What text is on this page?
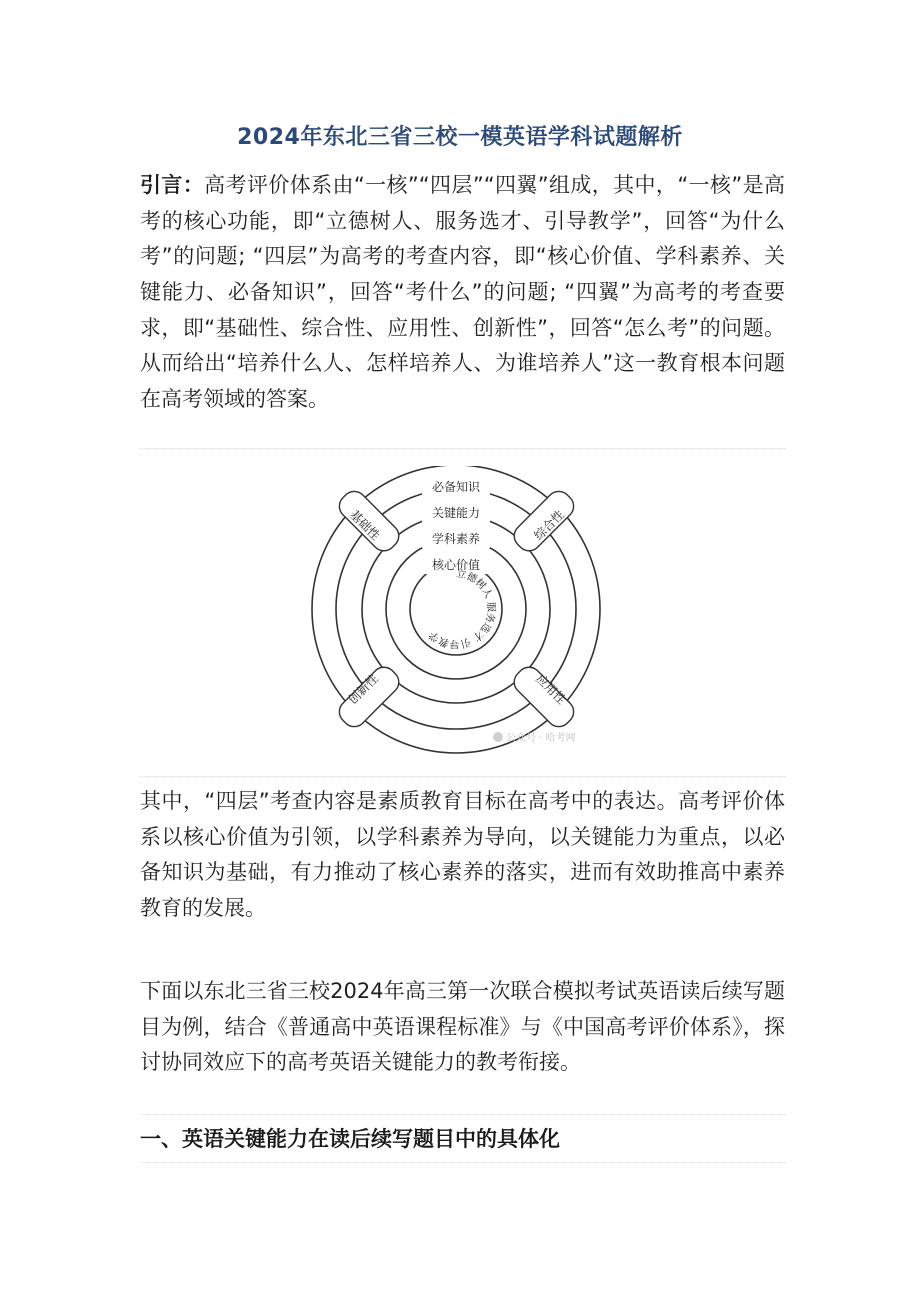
2024年东北三省三校一模英语学科试题解析

引言：高考评价体系由“一核”“四层”“四翼”组成，其中，“一核”是高考的核心功能，即“立德树人、服务选才、引导教学”，回答“为什么考”的问题; “四层”为高考的考查内容，即“核心价值、学科素养、关键能力、必备知识”，回答“考什么”的问题; “四翼”为高考的考查要求，即“基础性、综合性、应用性、创新性”，回答“怎么考”的问题。从而给出“培养什么人、怎样培养人、为谁培养人”这一教育根本问题在高考领域的答案。

必备知识
关键能力
学科素养
核心价值
立德树人 服务选才 引导教学
基础性	综合性
创新性	应用性
公众号 · 哈考网

其中，“四层”考查内容是素质教育目标在高考中的表达。高考评价体系以核心价值为引领，以学科素养为导向，以关键能力为重点，以必备知识为基础，有力推动了核心素养的落实，进而有效助推高中素养教育的发展。

下面以东北三省三校2024年高三第一次联合模拟考试英语读后续写题目为例，结合《普通高中英语课程标准》与《中国高考评价体系》，探讨协同效应下的高考英语关键能力的教考衔接。

一、英语关键能力在读后续写题目中的具体化
